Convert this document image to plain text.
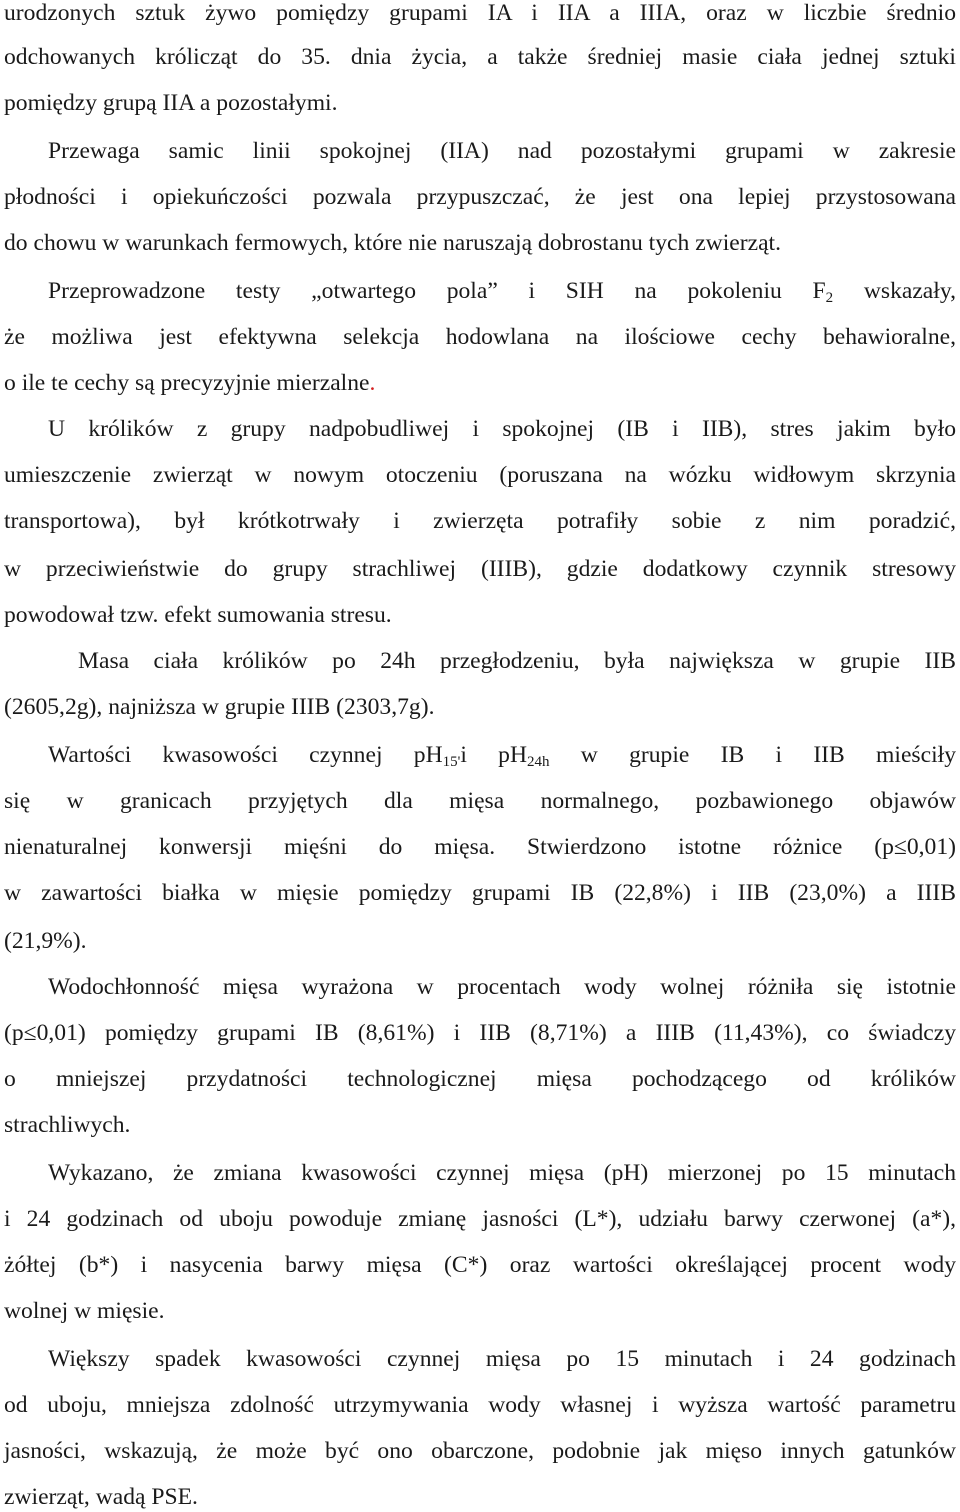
urodzonych sztuk żywo pomiędzy grupami IA i IIA a IIIA, oraz w liczbie średnio
odchowanych królicząt do 35. dnia życia, a także średniej masie ciała jednej sztuki
pomiędzy grupą IIA a pozostałymi.
Przewaga samic linii spokojnej (IIA) nad pozostałymi grupami w zakresie
płodności i opiekuńczości pozwala przypuszczać, że jest ona lepiej przystosowana
do chowu w warunkach fermowych, które nie naruszają dobrostanu tych zwierząt.
Przeprowadzone testy „otwartego pola” i SIH na pokoleniu $F_2$ wskazały,
że możliwa jest efektywna selekcja hodowlana na ilościowe cechy behawioralne,
o ile te cechy są precyzyjnie mierzalne.
U królików z grupy nadpobudliwej i spokojnej (IB i IIB), stres jakim było
umieszczenie zwierząt w nowym otoczeniu (poruszana na wózku widłowym skrzynia
transportowa), był krótkotrwały i zwierzęta potrafiły sobie z nim poradzić,
w przeciwieństwie do grupy strachliwej (IIIB), gdzie dodatkowy czynnik stresowy
powodował tzw. efekt sumowania stresu.
Masa ciała królików po 24h przegłodzeniu, była największa w grupie IIB
(2605,2g), najniższa w grupie IIIB (2303,7g).
Wartości kwasowości czynnej $pH_{15'}i$ $pH_{24h}$ w grupie IB i IIB mieściły
się w granicach przyjętych dla mięsa normalnego, pozbawionego objawów
nienaturalnej konwersji mięśni do mięsa. Stwierdzono istotne różnice (p≤0,01)
w zawartości białka w mięsie pomiędzy grupami IB (22,8%) i IIB (23,0%) a IIIB
(21,9%).
Wodochłonność mięsa wyrażona w procentach wody wolnej różniła się istotnie
(p≤0,01) pomiędzy grupami IB (8,61%) i IIB (8,71%) a IIIB (11,43%), co świadczy
o mniejszej przydatności technologicznej mięsa pochodzącego od królików
strachliwych.
Wykazano, że zmiana kwasowości czynnej mięsa (pH) mierzonej po 15 minutach
i 24 godzinach od uboju powoduje zmianę jasności (L*), udziału barwy czerwonej (a*),
żółtej (b*) i nasycenia barwy mięsa (C*) oraz wartości określającej procent wody
wolnej w mięsie.
Większy spadek kwasowości czynnej mięsa po 15 minutach i 24 godzinach
od uboju, mniejsza zdolność utrzymywania wody własnej i wyższa wartość parametru
jasności, wskazują, że może być ono obarczone, podobnie jak mięso innych gatunków
zwierząt, wadą PSE.
